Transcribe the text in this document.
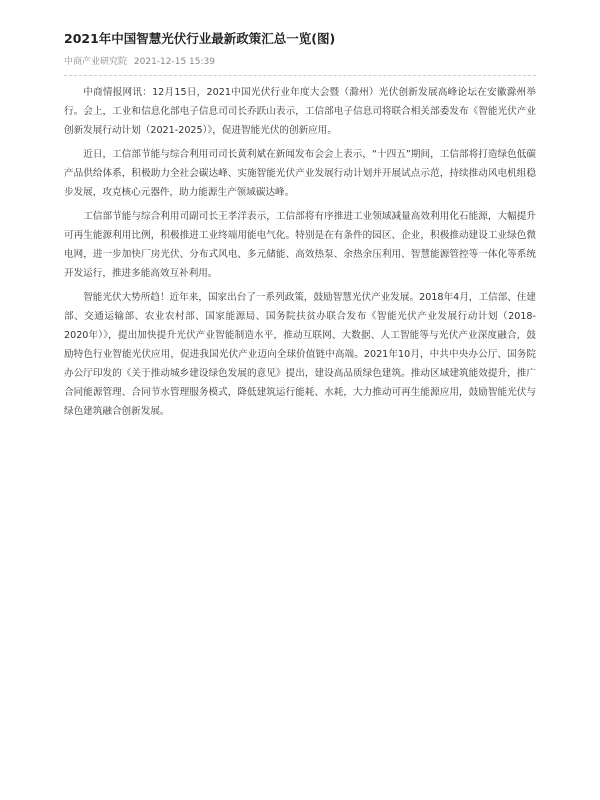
2021年中国智慧光伏行业最新政策汇总一览(图)
中商产业研究院 2021-12-15 15:39

中商情报网讯：12月15日，2021中国光伏行业年度大会暨（滁州）光伏创新发展高峰论坛在安徽滁州举行。会上，工业和信息化部电子信息司司长乔跃山表示，工信部电子信息司将联合相关部委发布《智能光伏产业创新发展行动计划（2021-2025）》，促进智能光伏的创新应用。

近日，工信部节能与综合利用司司长黄利斌在新闻发布会会上表示，“十四五”期间，工信部将打造绿色低碳产品供给体系，积极助力全社会碳达峰、实施智能光伏产业发展行动计划并开展试点示范，持续推动风电机组稳步发展，攻克核心元器件，助力能源生产领域碳达峰。

工信部节能与综合利用司副司长王孝洋表示，工信部将有序推进工业领域减量高效利用化石能源，大幅提升可再生能源利用比例，积极推进工业终端用能电气化。特别是在有条件的园区、企业，积极推动建设工业绿色微电网，进一步加快厂房光伏、分布式风电、多元储能、高效热泵、余热余压利用、智慧能源管控等一体化等系统开发运行，推进多能高效互补利用。

智能光伏大势所趋！近年来，国家出台了一系列政策，鼓励智慧光伏产业发展。2018年4月，工信部、住建部、交通运输部、农业农村部、国家能源局、国务院扶贫办联合发布《智能光伏产业发展行动计划（2018-2020年）》，提出加快提升光伏产业智能制造水平，推动互联网、大数据、人工智能等与光伏产业深度融合，鼓励特色行业智能光伏应用，促进我国光伏产业迈向全球价值链中高端。2021年10月，中共中央办公厅、国务院办公厅印发的《关于推动城乡建设绿色发展的意见》提出，建设高品质绿色建筑。推动区域建筑能效提升，推广合同能源管理、合同节水管理服务模式，降低建筑运行能耗、水耗，大力推动可再生能源应用，鼓励智能光伏与绿色建筑融合创新发展。
